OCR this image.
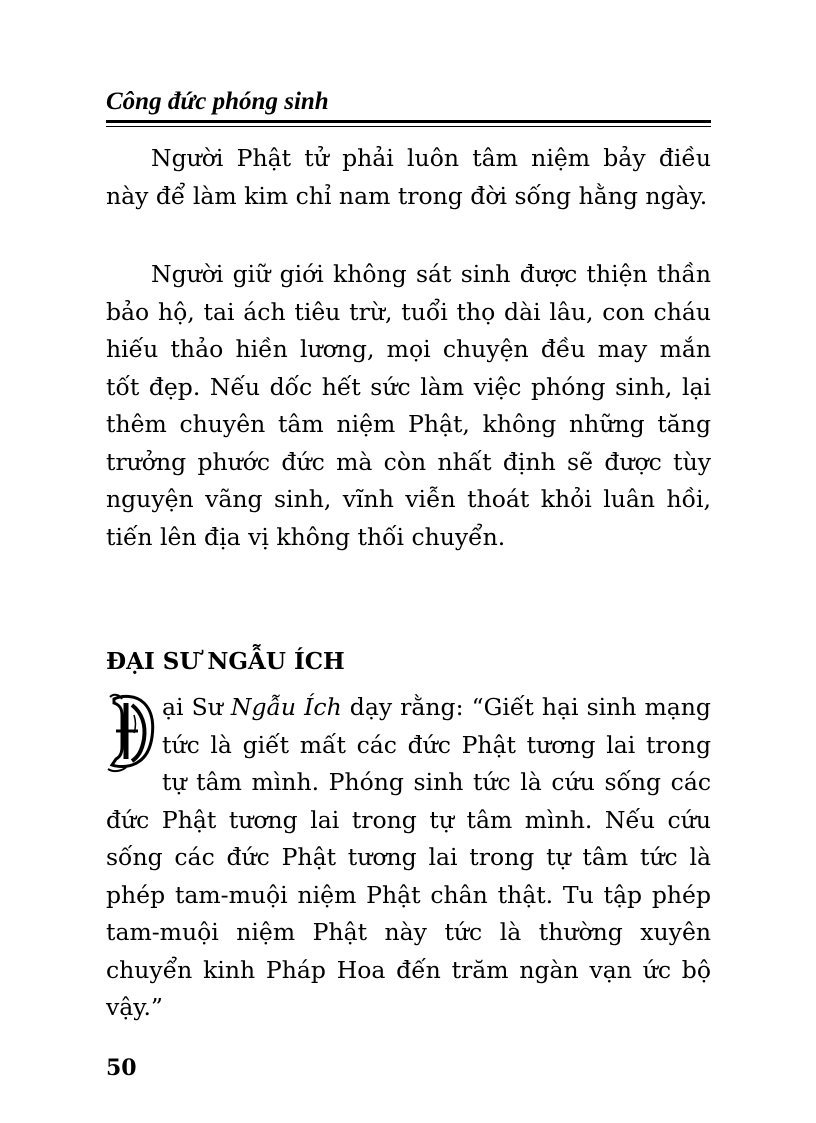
Công đức phóng sinh

Người Phật tử phải luôn tâm niệm bảy điều này để làm kim chỉ nam trong đời sống hằng ngày.

Người giữ giới không sát sinh được thiện thần bảo hộ, tai ách tiêu trừ, tuổi thọ dài lâu, con cháu hiếu thảo hiền lương, mọi chuyện đều may mắn tốt đẹp. Nếu dốc hết sức làm việc phóng sinh, lại thêm chuyên tâm niệm Phật, không những tăng trưởng phước đức mà còn nhất định sẽ được tùy nguyện vãng sinh, vĩnh viễn thoát khỏi luân hồi, tiến lên địa vị không thối chuyển.

ĐẠI SƯ NGẪU ÍCH

ại Sư Ngẫu Ích dạy rằng: “Giết hại sinh mạng tức là giết mất các đức Phật tương lai trong tự tâm mình. Phóng sinh tức là cứu sống các đức Phật tương lai trong tự tâm mình. Nếu cứu sống các đức Phật tương lai trong tự tâm tức là phép tam-muội niệm Phật chân thật. Tu tập phép tam-muội niệm Phật này tức là thường xuyên chuyển kinh Pháp Hoa đến trăm ngàn vạn ức bộ vậy.”

50
